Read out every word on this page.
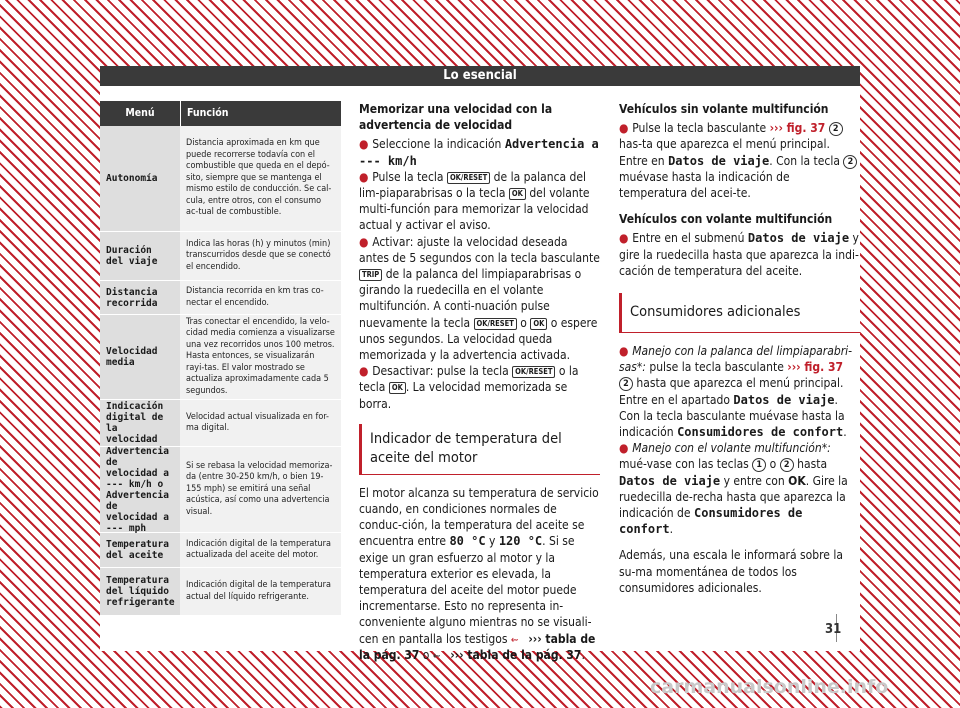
Lo esencial
Menú	Función
Autonomía
Distancia aproximada en km que puede recorrerse todavía con el combustible que queda en el depó-sito, siempre que se mantenga el mismo estilo de conducción. Se cal-cula, entre otros, con el consumo ac-tual de combustible.
Duración del viaje
Indica las horas (h) y minutos (min) transcurridos desde que se conectó el encendido.
Distancia recorrida
Distancia recorrida en km tras co-nectar el encendido.
Velocidad media
Tras conectar el encendido, la velo-cidad media comienza a visualizarse una vez recorridos unos 100 metros. Hasta entonces, se visualizarán rayi-tas. El valor mostrado se actualiza aproximadamente cada 5 segundos.
Indicación digital de la velocidad
Velocidad actual visualizada en for-ma digital.
Advertencia de velocidad a --- km/h o Advertencia de velocidad a --- mph
Si se rebasa la velocidad memoriza-da (entre 30-250 km/h, o bien 19-155 mph) se emitirá una señal acústica, así como una advertencia visual.
Temperatura del aceite
Indicación digital de la temperatura actualizada del aceite del motor.
Temperatura del líquido refrigerante
Indicación digital de la temperatura actual del líquido refrigerante.

Memorizar una velocidad con la advertencia de velocidad

● Seleccione la indicación Advertencia a --- km/h

● Pulse la tecla OK/RESET de la palanca del lim-piaparabrisas o la tecla OK del volante multi-función para memorizar la velocidad actual y activar el aviso.

● Activar: ajuste la velocidad deseada antes de 5 segundos con la tecla basculante TRIP de la palanca del limpiaparabrisas o girando la ruedecilla en el volante multifunción. A conti-nuación pulse nuevamente la tecla OK/RESET o OK o espere unos segundos. La velocidad queda memorizada y la advertencia activada.

● Desactivar: pulse la tecla OK/RESET o la tecla OK . La velocidad memorizada se borra.

Indicador de temperatura del aceite del motor

El motor alcanza su temperatura de servicio cuando, en condiciones normales de conduc-ción, la temperatura del aceite se encuentra entre 80 °C y 120 °C. Si se exige un gran esfuerzo al motor y la temperatura exterior es elevada, la temperatura del aceite del motor puede incrementarse. Esto no representa in-conveniente alguno mientras no se visuali-cen en pantalla los testigos ⇜ ››› tabla de la pág. 37 o ⇜ ››› tabla de la pág. 37.

Vehículos sin volante multifunción

● Pulse la tecla basculante ››› fig. 37 2 has-ta que aparezca el menú principal. Entre en Datos de viaje. Con la tecla 2 muévase hasta la indicación de temperatura del acei-te.

Vehículos con volante multifunción

● Entre en el submenú Datos de viaje y gire la ruedecilla hasta que aparezca la indi-cación de temperatura del aceite.

Consumidores adicionales

● Manejo con la palanca del limpiaparabri-sas*: pulse la tecla basculante ››› fig. 37 2 hasta que aparezca el menú principal. Entre en el apartado Datos de viaje. Con la tecla basculante muévase hasta la indicación Consumidores de confort.

● Manejo con el volante multifunción*: mué-vase con las teclas 1 o 2 hasta Datos de viaje y entre con OK. Gire la ruedecilla de-recha hasta que aparezca la indicación de Consumidores de confort.

Además, una escala le informará sobre la su-ma momentánea de todos los consumidores adicionales.

31
carmanualsonline.info
